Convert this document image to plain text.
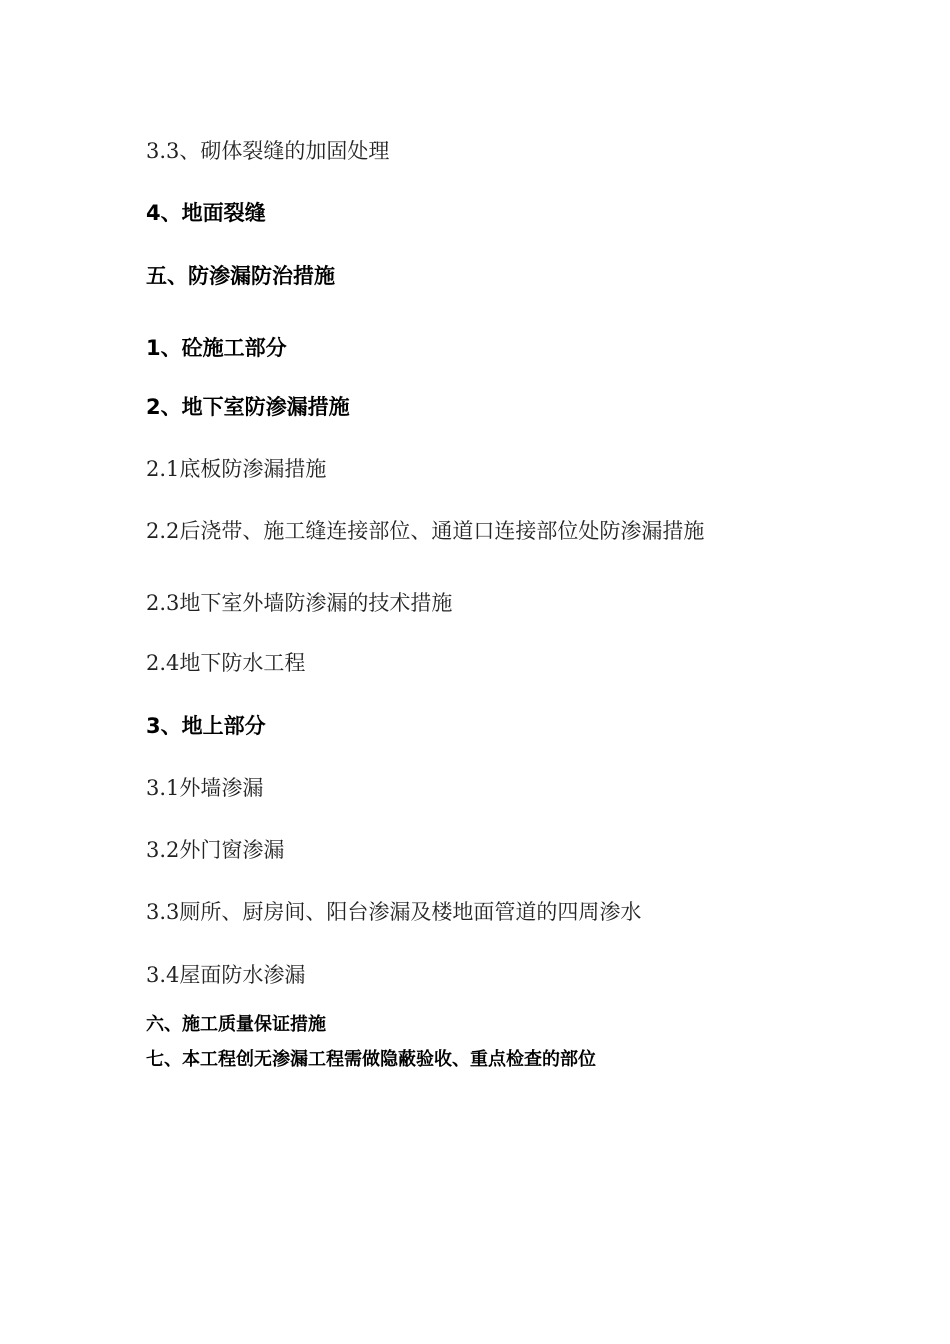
3.3、砌体裂缝的加固处理
4、地面裂缝
五、防渗漏防治措施
1、砼施工部分
2、地下室防渗漏措施
2.1底板防渗漏措施
2.2后浇带、施工缝连接部位、通道口连接部位处防渗漏措施
2.3地下室外墙防渗漏的技术措施
2.4地下防水工程
3、地上部分
3.1外墙渗漏
3.2外门窗渗漏
3.3厕所、厨房间、阳台渗漏及楼地面管道的四周渗水
3.4屋面防水渗漏
六、施工质量保证措施
七、本工程创无渗漏工程需做隐蔽验收、重点检查的部位
